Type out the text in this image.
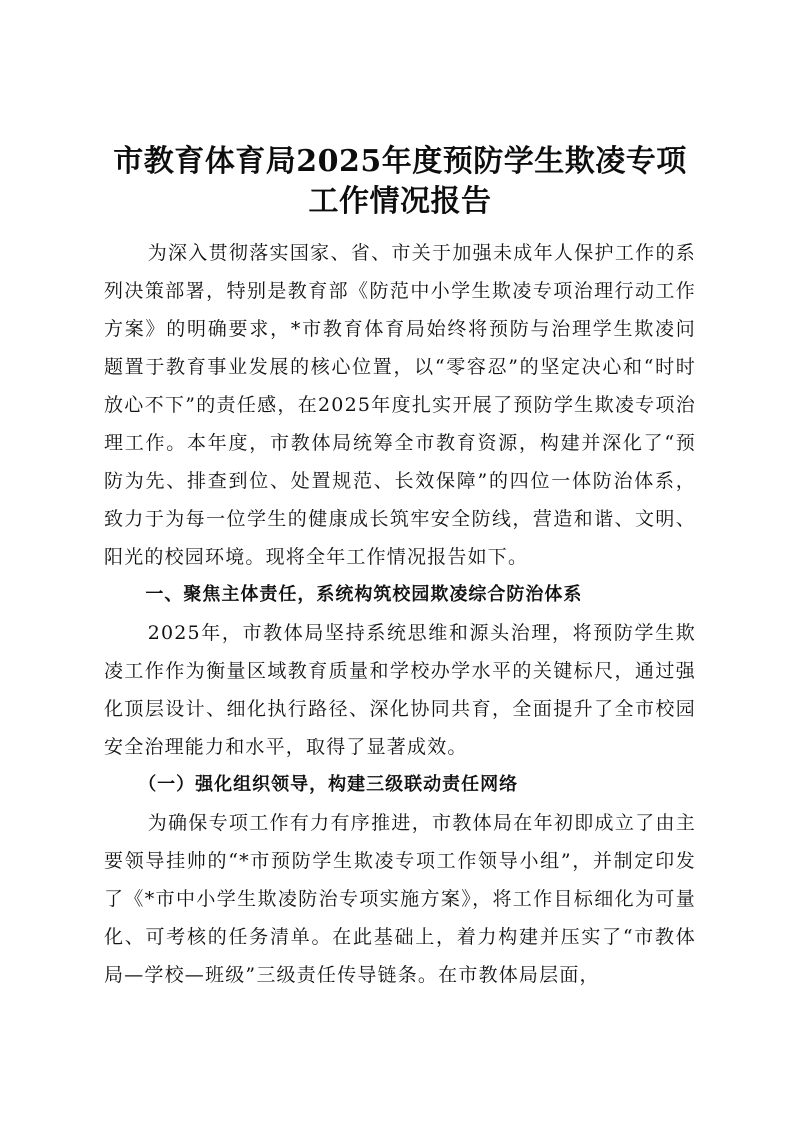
市教育体育局2025年度预防学生欺凌专项工作情况报告

为深入贯彻落实国家、省、市关于加强未成年人保护工作的系列决策部署，特别是教育部《防范中小学生欺凌专项治理行动工作方案》的明确要求，*市教育体育局始终将预防与治理学生欺凌问题置于教育事业发展的核心位置，以“零容忍”的坚定决心和“时时放心不下”的责任感，在2025年度扎实开展了预防学生欺凌专项治理工作。本年度，市教体局统筹全市教育资源，构建并深化了“预防为先、排查到位、处置规范、长效保障”的四位一体防治体系，致力于为每一位学生的健康成长筑牢安全防线，营造和谐、文明、阳光的校园环境。现将全年工作情况报告如下。

一、聚焦主体责任，系统构筑校园欺凌综合防治体系

2025年，市教体局坚持系统思维和源头治理，将预防学生欺凌工作作为衡量区域教育质量和学校办学水平的关键标尺，通过强化顶层设计、细化执行路径、深化协同共育，全面提升了全市校园安全治理能力和水平，取得了显著成效。

（一）强化组织领导，构建三级联动责任网络

为确保专项工作有力有序推进，市教体局在年初即成立了由主要领导挂帅的“*市预防学生欺凌专项工作领导小组”，并制定印发了《*市中小学生欺凌防治专项实施方案》，将工作目标细化为可量化、可考核的任务清单。在此基础上，着力构建并压实了“市教体局—学校—班级”三级责任传导链条。在市教体局层面，
